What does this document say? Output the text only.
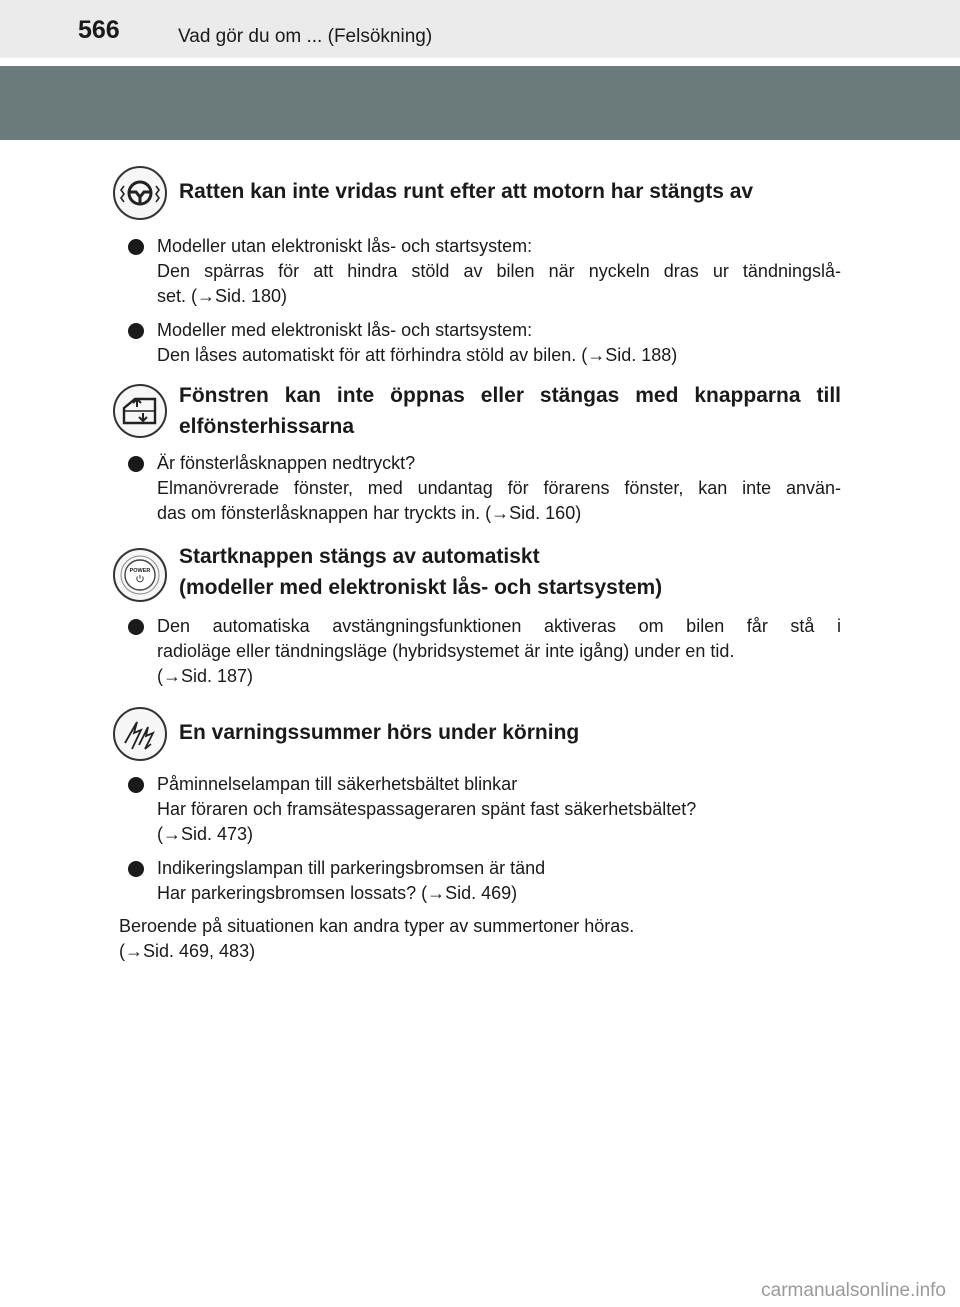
566	Vad gör du om ... (Felsökning)
Ratten kan inte vridas runt efter att motorn har stängts av
Modeller utan elektroniskt lås- och startsystem:
Den spärras för att hindra stöld av bilen när nyckeln dras ur tändningslå-
set. (→Sid. 180)
Modeller med elektroniskt lås- och startsystem:
Den låses automatiskt för att förhindra stöld av bilen. (→Sid. 188)
Fönstren kan inte öppnas eller stängas med knapparna till
elfönsterhissarna
Är fönsterlåsknappen nedtryckt?
Elmanövrerade fönster, med undantag för förarens fönster, kan inte använ-
das om fönsterlåsknappen har tryckts in. (→Sid. 160)
POWER
Startknappen stängs av automatiskt
(modeller med elektroniskt lås- och startsystem)
Den automatiska avstängningsfunktionen aktiveras om bilen får stå i
radioläge eller tändningsläge (hybridsystemet är inte igång) under en tid.
(→Sid. 187)
En varningssummer hörs under körning
Påminnelselampan till säkerhetsbältet blinkar
Har föraren och framsätespassageraren spänt fast säkerhetsbältet?
(→Sid. 473)
Indikeringslampan till parkeringsbromsen är tänd
Har parkeringsbromsen lossats? (→Sid. 469)
Beroende på situationen kan andra typer av summertoner höras.
(→Sid. 469, 483)
carmanualsonline.info
